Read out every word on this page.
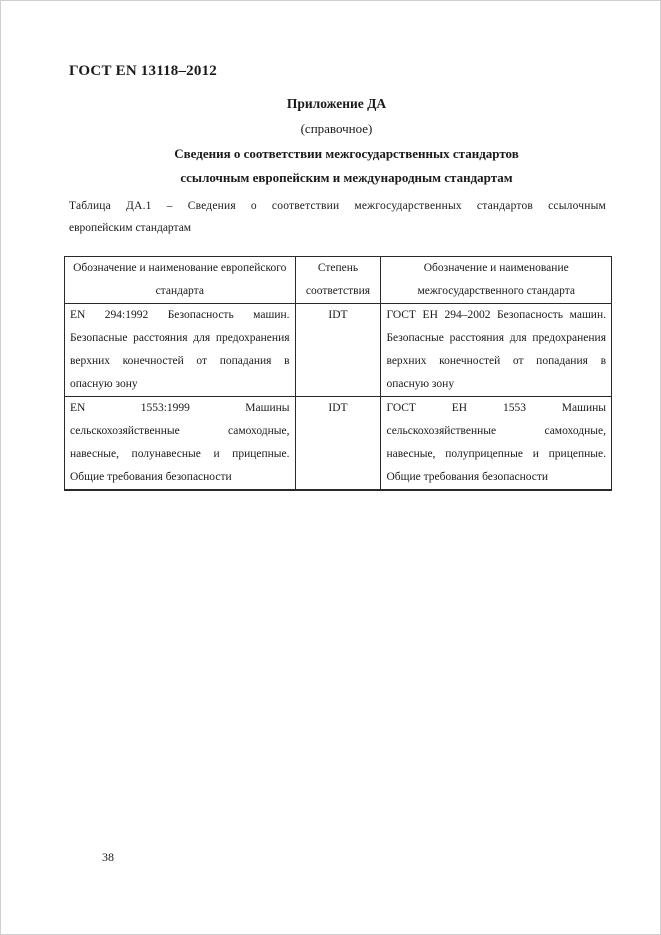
ГОСТ EN 13118–2012
Приложение ДА
(справочное)
Сведения о соответствии межгосударственных стандартов
ссылочным европейским и международным стандартам
Таблица ДА.1 – Сведения о соответствии межгосударственных стандартов ссылочным
европейским стандартам
Обозначение и наименование европейского стандарта	Степень соответствия	Обозначение и наименование межгосударственного стандарта
EN 294:1992 Безопасность машин. Безопасные расстояния для предохранения верхних конечностей от попадания в опасную зону	IDT	ГОСТ ЕН 294–2002 Безопасность машин. Безопасные расстояния для предохранения верхних конечностей от попадания в опасную зону
EN 1553:1999 Машины сельскохозяйственные самоходные, навесные, полунавесные и прицепные. Общие требования безопасности	IDT	ГОСТ ЕН 1553 Машины сельскохозяйственные самоходные, навесные, полуприцепные и прицепные. Общие требования безопасности
38
